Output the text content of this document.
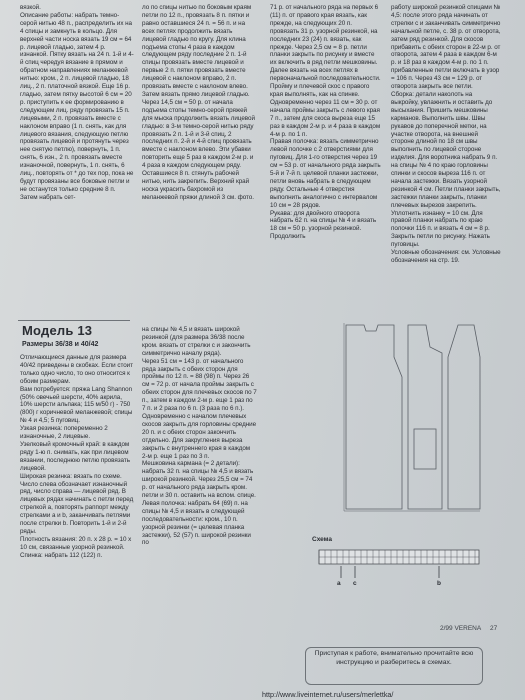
вязкой.
Описание работы: набрать темно-серой нитью 48 п., распределить их на 4 спицы и замкнуть в кольцо. Для верхней части носка вязать 19 см = 64 р. лицевой гладью, затем 4 р. изнанкой. Пятку вязать на 24 п. 1-й и 4-й спиц чередуя вязание в прямом и обратном направлениях меланжевой нитью: кром., 2 п. лицевой гладью, 18 лиц., 2 п. платочной вязкой. Еще 16 р. гладью, затем пятку высотой 6 см = 20 р. приступить к ее формированию в следующем лиц. ряду провязать 15 п. лицевыми, 2 п. провязать вместе с наклоном вправо (1 п. снять, как для лицевого вязания, следующую петлю провязать лицевой и протянуть через нее снятую петлю), повернуть, 1 п. снять, 6 изн., 2 п. провязать вместе изнаночной, повернуть, 1 п. снять, 6 лиц., повторять от * до тех пор, пока не будут провязаны все боковые петли и не останутся только средние 8 п. Затем набрать сет-
ло по спицы нитью по боковым краям петли по 12 п., провязать 8 п. пятки и равно оставшиеся 24 п. = 56 п. и на всех петлях продолжить вязать лицевой гладью по кругу. Для клина подъема стопы 4 раза в каждом следующем ряду последние 2 п. 1-й спицы провязать вместе лицевой и первые 2 п. пятки провязать вместе лицевой с наклоном вправо, 2 п. провязать вместе с наклоном влево. Затем вязать прямо лицевой гладью. Через 14,5 см = 50 р. от начала подъема стопы темно-серой пряжей для мыска продолжить вязать лицевой гладью: в 3-м темно-серой нитью ряду провязать 2 п. 1-й и 3-й спиц, 2 последних п. 2-й и 4-й спиц провязать вместе с наклоном влево. Эти убавки повторить еще 5 раз в каждом 2-м р. и 4 раза в каждом следующем ряду. Оставшиеся 8 п. стянуть рабочей нитью, нить закрепить. Верхний край носка украсить бахромой из меланжевой пряжи длиной 3 см. фото.
71 р. от начального ряда на первых 6 (11) п. от правого края вязать, как прежде, на следующих 20 п. провязать 31 р. узорной резинкой, на последних 23 (24) п. вязать, как прежде. Через 2,5 см = 8 р. петли планки закрыть по рисунку и вместе их включить в ряд петли мешковины. Далее вязать на всех петлях в первоначальной последовательности. Пройму и плечевой скос с правого края выполнять, как на спинке. Одновременно через 11 см = 30 р. от начала проймы закрыть с левого края 7 п., затем для скоса выреза еще 15 раз в каждом 2-м р. и 4 раза в каждом 4-м р. по 1 п.
Правая полочка: вязать симметрично левой полочке с 2 отверстиями для пуговиц. Для 1-го отверстия через 19 см = 53 р. от начального ряда закрыть 5-й и 7-й п. целевой планки застежки, петли вновь набрать в следующем ряду. Остальные 4 отверстия выполнить аналогично с интервалом 10 см = 28 рядов.
Рукава: для двойного отворота набрать 62 п. на спицы № 4 и вязать 18 см = 50 р. узорной резинкой. Продолжить
работу широкой резинкой спицами № 4,5: после этого ряда начинать от стрелки с и заканчивать симметрично начальной петле, с. 38 р. от отворота, затем ряд резинкой. Для скосов прибавить с обеих сторон в 22-м р. от отворота, затем 4 раза в каждом 6-м р. и 18 раз в каждом 4-м р. по 1 п. прибавленные петли включать в узор = 106 п. Через 43 см = 129 р. от отворота закрыть все петли.
Сборка: детали наколоть на выкройку, увлажнить и оставить до высыхания. Пришить мешковины карманов. Выполнить швы. Швы рукавов до поперечной метки, на участке отворота, на внешней стороне длиной по 18 см швы выполнить по лицевой стороне изделия. Для воротника набрать 9 п. на спицы № 4 по краю горловины спинки и скосов выреза 116 п. от начала застежки. Вязать узорной резинкой 4 см. Петли планки закрыть, застежки планки закрыть, планки плечевых вырезов закрепить. Уплотнить изнанку = 10 см. Для правой планки набрать по краю полочки 116 п. и вязать 4 см = 8 р. Закрыть петли по рисунку. Нажать пуговицы.
Условные обозначения: см. Условные обозначения на стр. 19.
Модель 13
Размеры 36/38 и 40/42
Отличающиеся данные для размера 40/42 приведены в скобках. Если стоит только одно число, то оно относится к обоим размерам.
Вам потребуется: пряжа Lang Shannon (50% овечьей шерсти, 40% акрила, 10% шерсти альпака; 115 м/50 г) - 750 (800) г коричневой меланжевой; спицы № 4 и 4,5; 5 пуговиц.
Узкая резинка: попеременно 2 изнаночные, 2 лицевые.
Узелковый кромочный край: в каждом ряду 1-ю п. снимать, как при лицевом вязании, последнюю петлю провязать лицевой.
Широкая резинка: вязать по схеме. Число слева обозначает изнаночный ряд, число справа — лицевой ряд. В лицевых рядах начинать с петли перед стрелкой a, повторять раппорт между стрелками a и b, заканчивать петлями после стрелки b. Повторить 1-й и 2-й ряды.
Плотность вязания: 20 п. х 28 р. = 10 х 10 см, связанные узорной резинкой.
Спинка: набрать 112 (122) п.
на спицы № 4,5 и вязать широкой резинкой (для размера 36/38 после кром. вязать от стрелки с и закончить симметрично началу ряда).
Через 51 см = 143 р. от начального ряда закрыть с обеих сторон для проймы по 12 п. = 88 (98) п. Через 26 см = 72 р. от начала проймы закрыть с обеих сторон для плечевых скосов по 7 п., затем в каждом 2-м р. еще 1 раз по 7 п. и 2 раза по 6 п. (3 раза по 6 п.). Одновременно с началом плечевых скосов закрыть для горловины средние 20 п. и с обеих сторон закончить отдельно. Для закругления выреза закрыть с внутреннего края в каждом 2-м р. еще 1 раз по 3 п.
Мешковина кармана (= 2 детали): набрать 32 п. на спицы № 4,5 и вязать широкой резинкой. Через 25,5 см = 74 р. от начального ряда закрыть кром. петли и 30 п. оставить на вспом. спице.
Левая полочка: набрать 64 (69) п. на спицы № 4,5 и вязать в следующей последовательности: кром., 10 п. узорной резинки (= целевая планка застежки), 52 (57) п. широкой резинки по	Схема
a c	b
Приступая к работе, внимательно прочитайте всю инструкцию и разберитесь в схемах.
2/99 VERENA 27
http://www.liveinternet.ru/users/merlettka/
